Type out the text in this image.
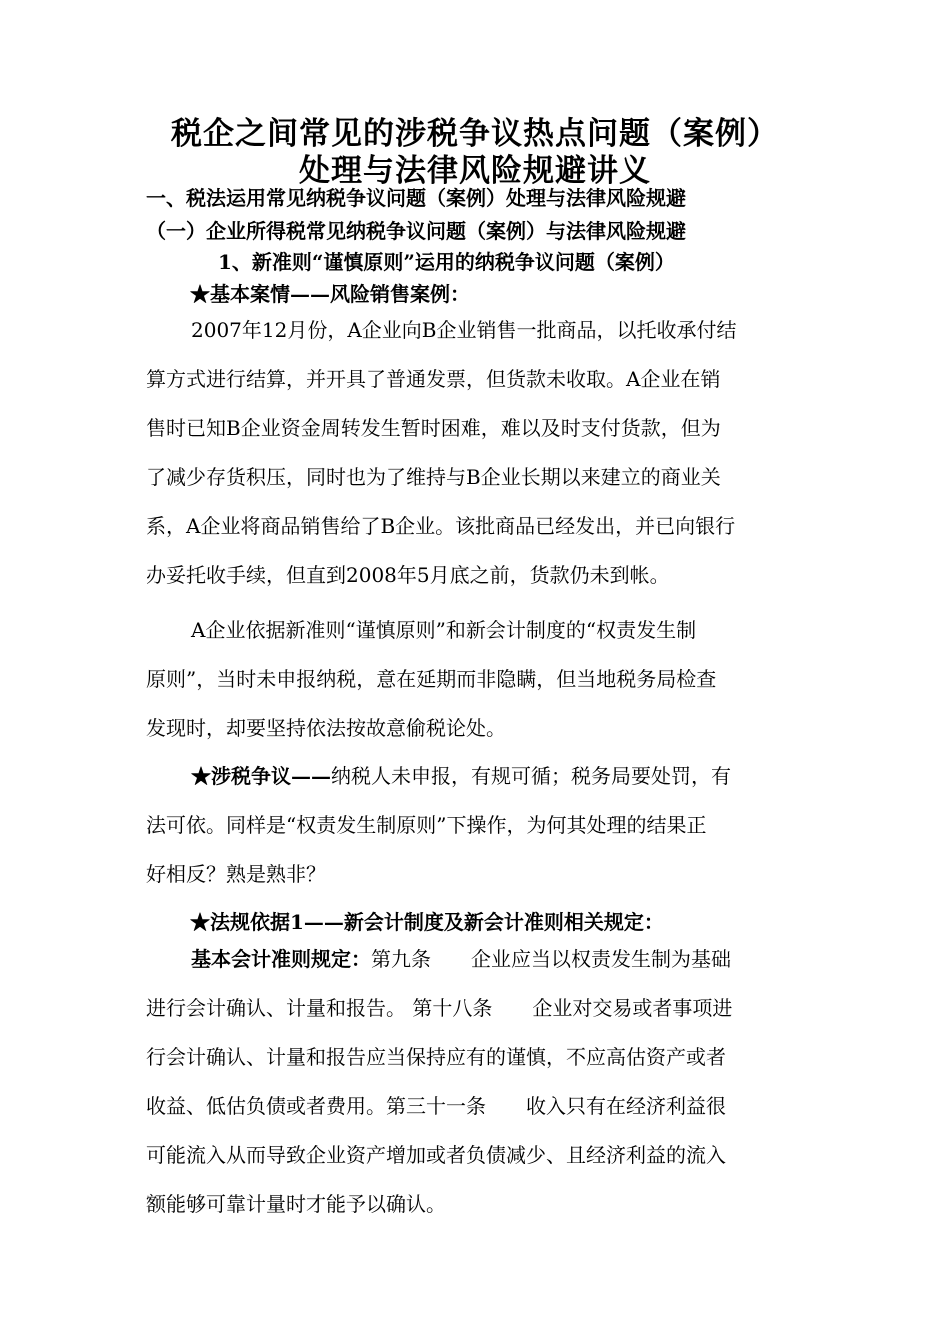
税企之间常见的涉税争议热点问题（案例）
处理与法律风险规避讲义
一、税法运用常见纳税争议问题（案例）处理与法律风险规避
（一）企业所得税常见纳税争议问题（案例）与法律风险规避
1、新准则“谨慎原则”运用的纳税争议问题（案例）
★基本案情——风险销售案例：
2007年12月份，A企业向B企业销售一批商品，以托收承付结
算方式进行结算，并开具了普通发票，但货款未收取。A企业在销
售时已知B企业资金周转发生暂时困难，难以及时支付货款，但为
了减少存货积压，同时也为了维持与B企业长期以来建立的商业关
系，A企业将商品销售给了B企业。该批商品已经发出，并已向银行
办妥托收手续，但直到2008年5月底之前，货款仍未到帐。
A企业依据新准则“谨慎原则”和新会计制度的“权责发生制
原则”，当时未申报纳税，意在延期而非隐瞒，但当地税务局检查
发现时，却要坚持依法按故意偷税论处。
★涉税争议——纳税人未申报，有规可循；税务局要处罚，有
法可依。同样是“权责发生制原则”下操作，为何其处理的结果正
好相反？熟是熟非？
★法规依据1——新会计制度及新会计准则相关规定：
基本会计准则规定：第九条　　企业应当以权责发生制为基础
进行会计确认、计量和报告。 第十八条　　企业对交易或者事项进
行会计确认、计量和报告应当保持应有的谨慎，不应高估资产或者
收益、低估负债或者费用。第三十一条　　收入只有在经济利益很
可能流入从而导致企业资产增加或者负债减少、且经济利益的流入
额能够可靠计量时才能予以确认。
